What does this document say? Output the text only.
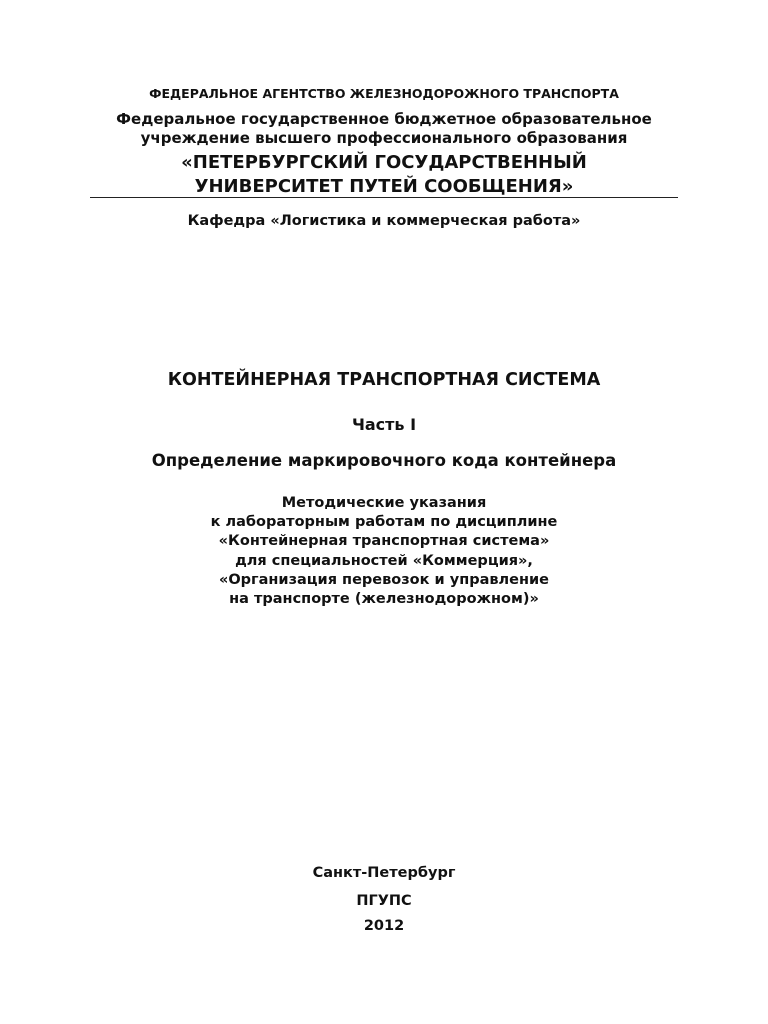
ФЕДЕРАЛЬНОЕ АГЕНТСТВО ЖЕЛЕЗНОДОРОЖНОГО ТРАНСПОРТА
Федеральное государственное бюджетное образовательное
учреждение высшего профессионального образования
«ПЕТЕРБУРГСКИЙ ГОСУДАРСТВЕННЫЙ
УНИВЕРСИТЕТ ПУТЕЙ СООБЩЕНИЯ»
Кафедра «Логистика и коммерческая работа»
КОНТЕЙНЕРНАЯ ТРАНСПОРТНАЯ СИСТЕМА
Часть I
Определение маркировочного кода контейнера
Методические указания
к лабораторным работам по дисциплине
«Контейнерная транспортная система»
для специальностей «Коммерция»,
«Организация перевозок и управление
на транспорте (железнодорожном)»
Санкт-Петербург
ПГУПС
2012
